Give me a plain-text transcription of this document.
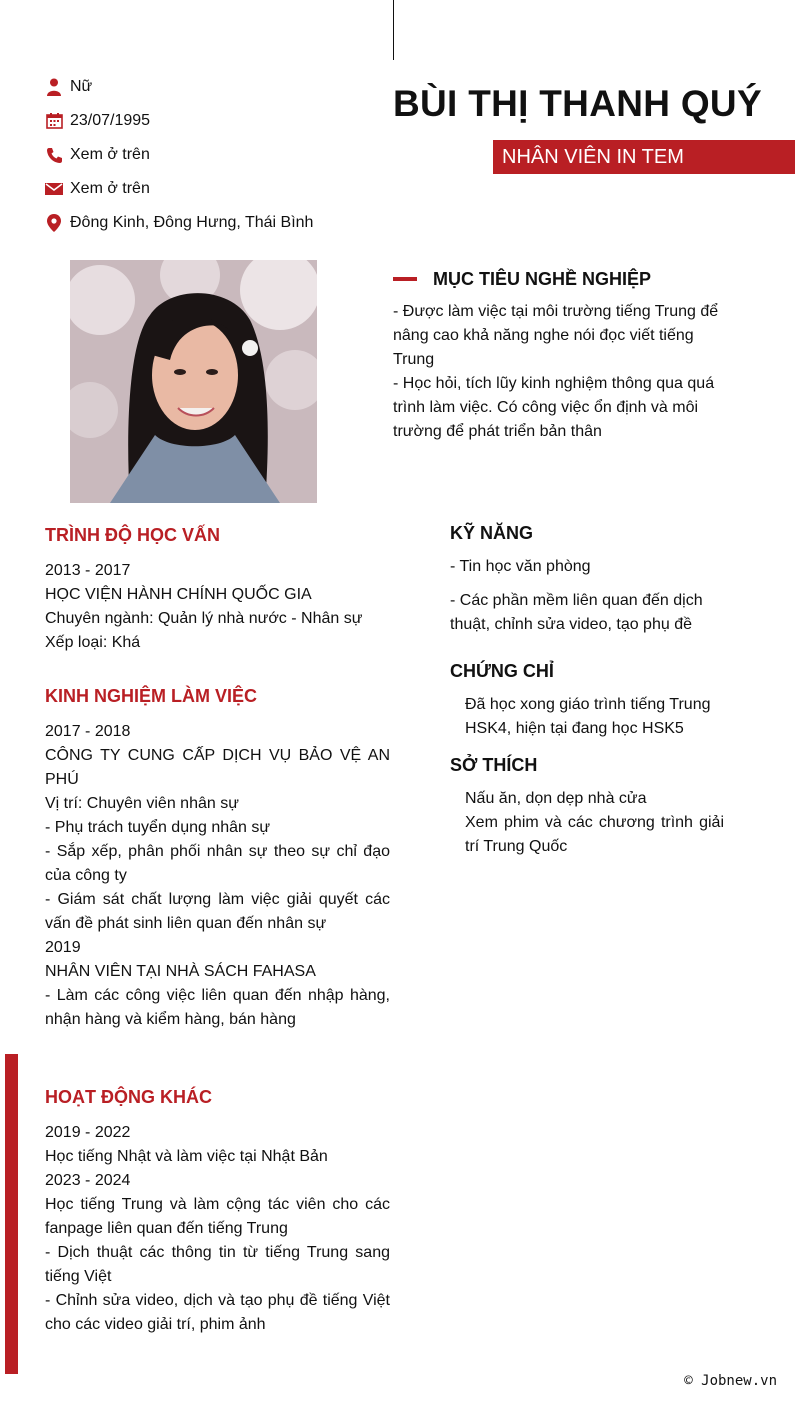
Nữ
23/07/1995
Xem ở trên
Xem ở trên
Đông Kinh, Đông Hưng, Thái Bình
BÙI THỊ THANH QUÝ
NHÂN VIÊN IN TEM
MỤC TIÊU NGHỀ NGHIỆP

- Được làm việc tại môi trường tiếng Trung để nâng cao khả năng nghe nói đọc viết tiếng Trung

- Học hỏi, tích lũy kinh nghiệm thông qua quá trình làm việc. Có công việc ổn định và môi trường để phát triển bản thân

TRÌNH ĐỘ HỌC VẤN

2013 - 2017

HỌC VIỆN HÀNH CHÍNH QUỐC GIA

Chuyên ngành: Quản lý nhà nước - Nhân sự

Xếp loại: Khá

KINH NGHIỆM LÀM VIỆC

2017 - 2018

CÔNG TY CUNG CẤP DỊCH VỤ BẢO VỆ AN PHÚ

Vị trí: Chuyên viên nhân sự

- Phụ trách tuyển dụng nhân sự

- Sắp xếp, phân phối nhân sự theo sự chỉ đạo của công ty

- Giám sát chất lượng làm việc giải quyết các vấn đề phát sinh liên quan đến nhân sự

2019

NHÂN VIÊN TẠI NHÀ SÁCH FAHASA

- Làm các công việc liên quan đến nhập hàng, nhận hàng và kiểm hàng, bán hàng

HOẠT ĐỘNG KHÁC

2019 - 2022

Học tiếng Nhật và làm việc tại Nhật Bản

2023 - 2024

Học tiếng Trung và làm cộng tác viên cho các fanpage liên quan đến tiếng Trung

- Dịch thuật các thông tin từ tiếng Trung sang tiếng Việt

- Chỉnh sửa video, dịch và tạo phụ đề tiếng Việt cho các video giải trí, phim ảnh

KỸ NĂNG

- Tin học văn phòng

- Các phần mềm liên quan đến dịch thuật, chỉnh sửa video, tạo phụ đề

CHỨNG CHỈ

Đã học xong giáo trình tiếng Trung HSK4, hiện tại đang học HSK5

SỞ THÍCH

Nấu ăn, dọn dẹp nhà cửa

Xem phim và các chương trình giải trí Trung Quốc

© Jobnew.vn
